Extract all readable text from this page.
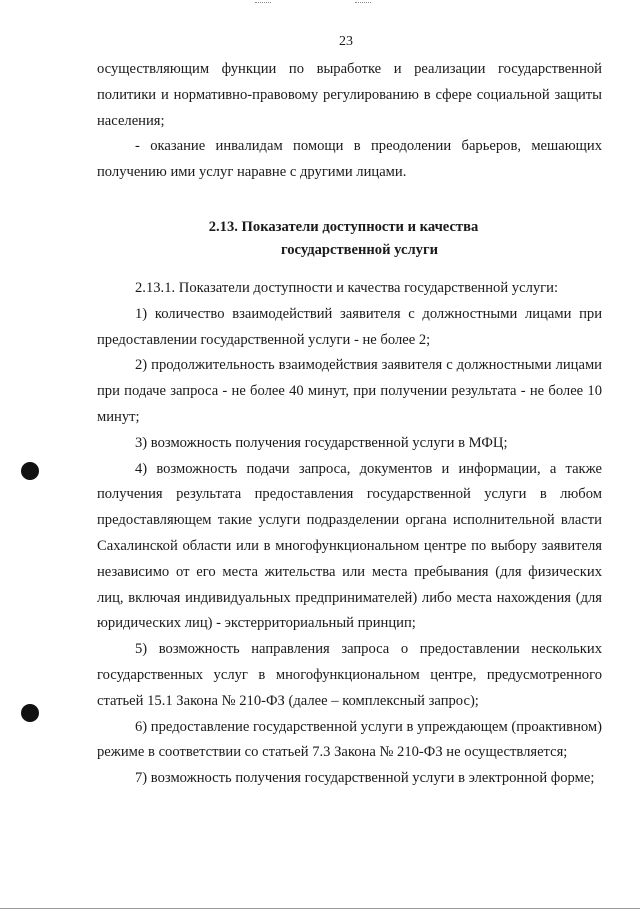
23

осуществляющим функции по выработке и реализации государственной политики и нормативно-правовому регулированию в сфере социальной защиты населения;

- оказание инвалидам помощи в преодолении барьеров, мешающих получению ими услуг наравне с другими лицами.

2.13. Показатели доступности и качества
государственной услуги

2.13.1. Показатели доступности и качества государственной услуги:

1) количество взаимодействий заявителя с должностными лицами при предоставлении государственной услуги - не более 2;

2) продолжительность взаимодействия заявителя с должностными лицами при подаче запроса - не более 40 минут, при получении результата - не более 10 минут;

3) возможность получения государственной услуги в МФЦ;

4) возможность подачи запроса, документов и информации, а также получения результата предоставления государственной услуги в любом предоставляющем такие услуги подразделении органа исполнительной власти Сахалинской области или в многофункциональном центре по выбору заявителя независимо от его места жительства или места пребывания (для физических лиц, включая индивидуальных предпринимателей) либо места нахождения (для юридических лиц) - экстерриториальный принцип;

5) возможность направления запроса о предоставлении нескольких государственных услуг в многофункциональном центре, предусмотренного статьей 15.1 Закона № 210-ФЗ (далее – комплексный запрос);

6) предоставление государственной услуги в упреждающем (проактивном) режиме в соответствии со статьей 7.3 Закона № 210-ФЗ не осуществляется;

7) возможность получения государственной услуги в электронной форме;
